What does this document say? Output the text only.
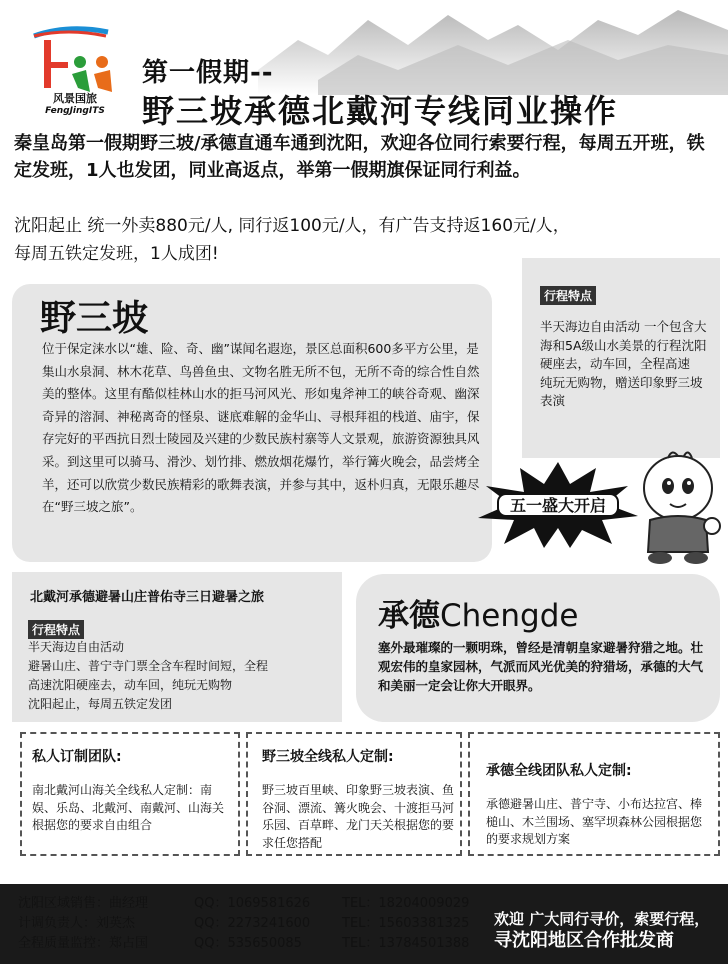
风景国旅
FengJingITS
第一假期--
野三坡承德北戴河专线同业操作
秦皇岛第一假期野三坡/承德直通车通到沈阳，欢迎各位同行索要行程，每周五开班，铁定发班，1人也发团，同业高返点，举第一假期旗保证同行利益。
沈阳起止 统一外卖880元/人, 同行返100元/人，有广告支持返160元/人，
每周五铁定发班，1人成团!
野三坡
位于保定涞水以“雄、险、奇、幽”谋闻名遐迩，景区总面积600多平方公里，是集山水泉洞、林木花草、鸟兽鱼虫、文物名胜无所不包，无所不奇的综合性自然美的整体。这里有酷似桂林山水的拒马河风光、形如鬼斧神工的峡谷奇观、幽深奇异的溶洞、神秘离奇的怪泉、谜底难解的金华山、寻根拜祖的栈道、庙宇，保存完好的平西抗日烈士陵园及兴建的少数民族村寨等人文景观，旅游资源独具风采。到这里可以骑马、滑沙、划竹排、燃放烟花爆竹，举行篝火晚会，品尝烤全羊，还可以欣赏少数民族精彩的歌舞表演，并参与其中，返朴归真，无限乐趣尽在“野三坡之旅”。
行程特点
半天海边自由活动 一个包含大海和5A级山水美景的行程沈阳硬座去，动车回，全程高速
纯玩无购物，赠送印象野三坡表演
五一盛大开启
北戴河承德避暑山庄普佑寺三日避暑之旅
行程特点
半天海边自由活动
避暑山庄、普宁寺门票全含车程时间短，全程
高速沈阳硬座去，动车回，纯玩无购物
沈阳起止，每周五铁定发团
承德Chengde
塞外最璀璨的一颗明珠，曾经是清朝皇家避暑狩猎之地。壮观宏伟的皇家园林，气派而风光优美的狩猎场，承德的大气和美丽一定会让你大开眼界。
私人订制团队:
南北戴河山海关全线私人定制：南娱、乐岛、北戴河、南戴河、山海关根据您的要求自由组合
野三坡全线私人定制:
野三坡百里峡、印象野三坡表演、鱼谷洞、漂流、篝火晚会、十渡拒马河乐园、百草畔、龙门天关根据您的要求任您搭配
承德全线团队私人定制:
承德避暑山庄、普宁寺、小布达拉宫、棒槌山、木兰围场、塞罕坝森林公园根据您的要求规划方案
沈阳区域销售：曲经理	QQ：1069581626 TEL：18204009029
计调负责人：刘英杰	QQ：2273241600 TEL：15603381325
全程质量监控：郑占国	QQ：535650085	TEL：13784501388
欢迎 广大同行寻价，索要行程，
寻沈阳地区合作批发商
